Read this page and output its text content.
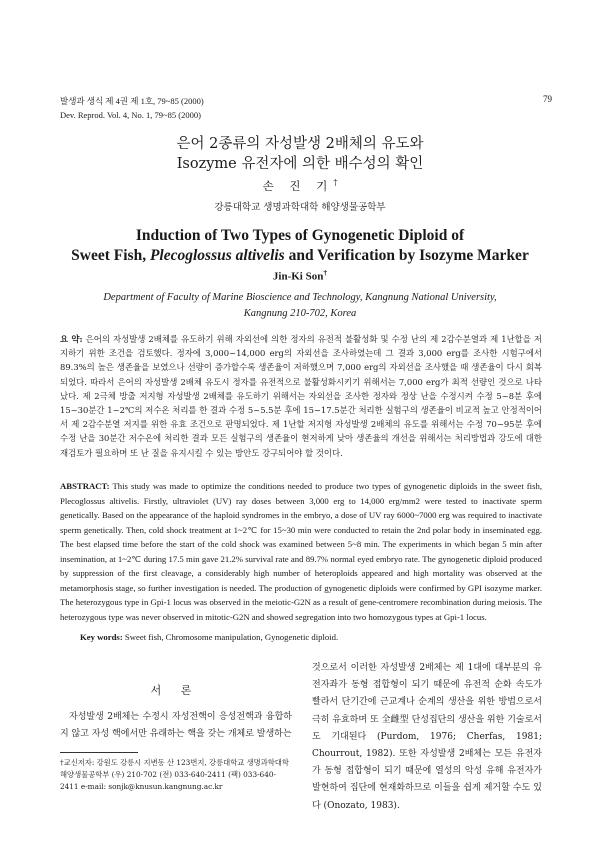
발생과 생식 제 4권 제 1호, 79~85 (2000)
Dev. Reprod. Vol. 4, No. 1, 79~85 (2000)
79
은어 2종류의 자성발생 2배체의 유도와
Isozyme 유전자에 의한 배수성의 확인
손 진 기†
강릉대학교 생명과학대학 해양생물공학부
Induction of Two Types of Gynogenetic Diploid of
Sweet Fish, Plecoglossus altivelis and Verification by Isozyme Marker
Jin-Ki Son†
Department of Faculty of Marine Bioscience and Technology, Kangnung National University,
Kangnung 210-702, Korea
요 약: 은어의 자성발생 2배체를 유도하기 위해 자외선에 의한 정자의 유전적 불활성화 및 수정 난의 제 2감수분열과 제 1난할을 저지하기 위한 조건을 검토했다. 정자에 3,000~14,000 erg의 자외선을 조사하였는데 그 결과 3,000 erg를 조사한 시험구에서 89.3%의 높은 생존율을 보였으나 선량이 증가할수록 생존율이 저하했으며 7,000 erg의 자외선을 조사했을 때 생존율이 다시 회복되었다. 따라서 은어의 자성발생 2배체 유도시 정자를 유전적으로 불활성화시키기 위해서는 7,000 erg가 최적 선량인 것으로 나타났다. 제 2극체 방출 저지형 자성발생 2배체를 유도하기 위해서는 자외선을 조사한 정자와 정상 난을 수정시켜 수정 5~8분 후에 15~30분간 1~2℃의 저수온 처리를 한 결과 수정 5~5.5분 후에 15~17.5분간 처리한 실험구의 생존율이 비교적 높고 안정적이어서 제 2감수분열 저지를 위한 유효 조건으로 판명되었다. 제 1난할 저지형 자성발생 2배체의 유도를 위해서는 수정 70~95분 후에 수정 난을 30분간 저수온에 처리한 결과 모든 실험구의 생존율이 현저하게 낮아 생존율의 개선을 위해서는 처리방법과 강도에 대한 재검토가 필요하며 또 난 질을 유지시킬 수 있는 방안도 강구되어야 할 것이다.
ABSTRACT: This study was made to optimize the conditions needed to produce two types of gynogenetic diploids in the sweet fish, Plecoglossus altivelis. Firstly, ultraviolet (UV) ray doses between 3,000 erg to 14,000 erg/mm2 were tested to inactivate sperm genetically. Based on the appearance of the haploid syndromes in the embryo, a dose of UV ray 6000~7000 erg was required to inactivate sperm genetically. Then, cold shock treatment at 1~2℃ for 15~30 min were conducted to retain the 2nd polar body in inseminated egg. The best elapsed time before the start of the cold shock was examined between 5~8 min. The experiments in which began 5 min after insemination, at 1~2℃ during 17.5 min gave 21.2% survival rate and 89.7% normal eyed embryo rate. The gynogenetic diploid produced by suppression of the first cleavage, a considerably high number of heteroploids appeared and high mortality was observed at the metamorphosis stage, so further investigation is needed. The production of gynogenetic diploids were confirmed by GPI isozyme marker. The heterozygous type in Gpi-1 locus was observed in the meiotic-G2N as a result of gene-centromere recombination during meiosis. The heterozygous type was never observed in mitotic-G2N and showed segregation into two homozygous types at Gpi-1 locus.
Key words: Sweet fish, Chromosome manipulation, Gynogenetic diploid.
서 론
자성발생 2배체는 수정시 자성전핵이 응성전핵과 융합하지 않고 자성 핵에서만 유래하는 핵을 갖는 개체로 발생하는
†교신저자: 강원도 강릉시 지변동 산 123번지, 강릉대학교 생명과학대학 해양생물공학부 (우) 210-702 (전) 033-640-2411 (팩) 033-640-2411 e-mail: sonjk@knusun.kangnung.ac.kr
것으로서 이러한 자성발생 2배체는 제 1대에 대부분의 유전자좌가 동형 접합형이 되기 때문에 유전적 순화 속도가 빨라서 단기간에 근교계나 순계의 생산을 위한 방법으로서 극히 유효하며 또 全雌型 단성집단의 생산을 위한 기술로서도 기대된다 (Purdom, 1976; Cherfas, 1981; Chourrout, 1982). 또한 자성발생 2배체는 모든 유전자가 동형 접합형이 되기 때문에 열성의 악성 유해 유전자가 발현하여 집단에 현재화하므로 이들을 쉽게 제거할 수도 있다 (Onozato, 1983).
